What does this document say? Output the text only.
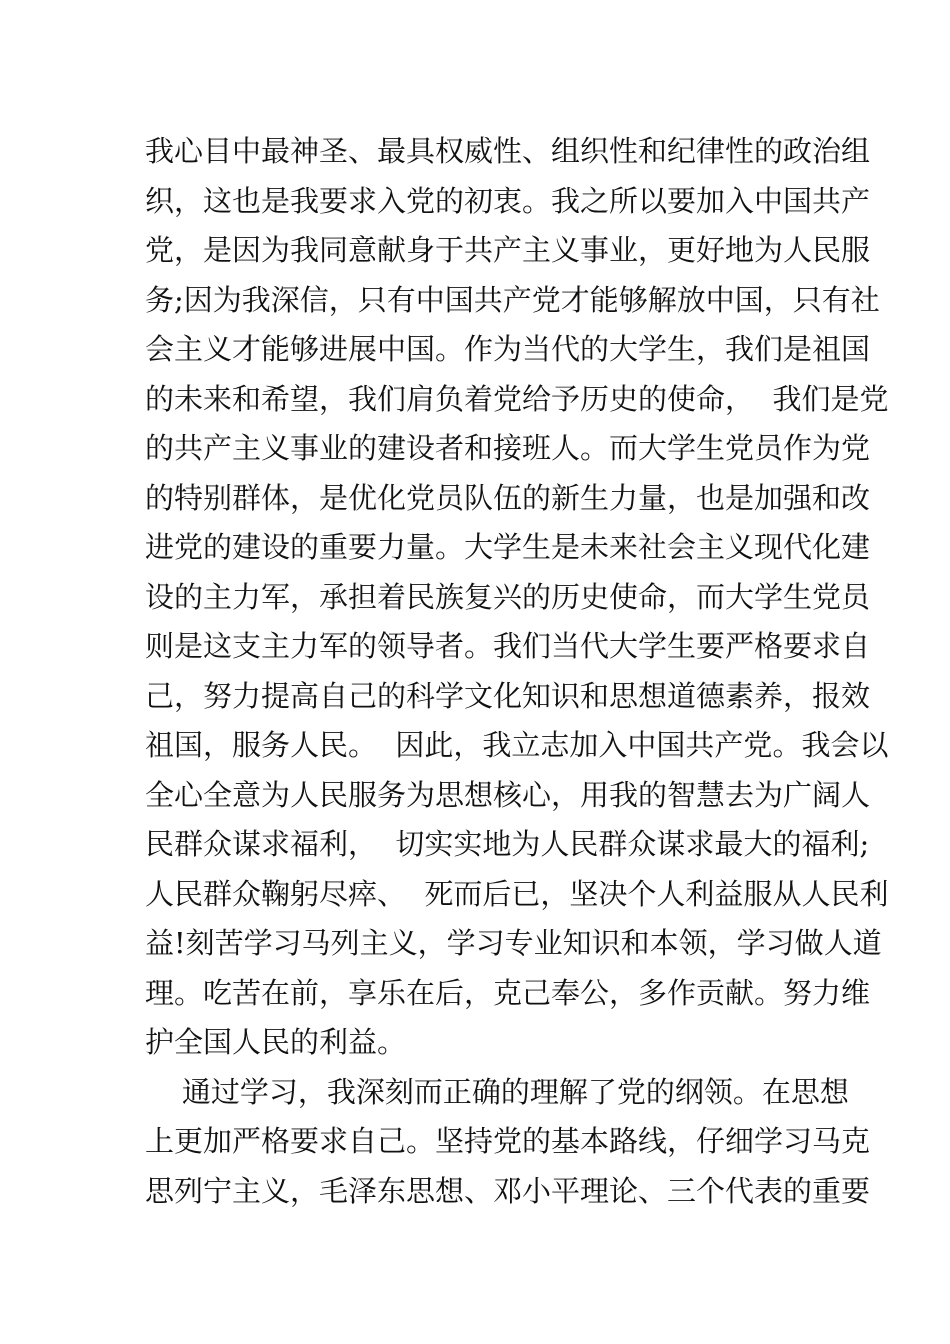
我心目中最神圣、最具权威性、组织性和纪律性的政治组
织，这也是我要求入党的初衷。我之所以要加入中国共产
党，是因为我同意献身于共产主义事业，更好地为人民服
务;因为我深信，只有中国共产党才能够解放中国，只有社
会主义才能够进展中国。作为当代的大学生，我们是祖国
的未来和希望，我们肩负着党给予历史的使命，  我们是党
的共产主义事业的建设者和接班人。而大学生党员作为党
的特别群体，是优化党员队伍的新生力量，也是加强和改
进党的建设的重要力量。大学生是未来社会主义现代化建
设的主力军，承担着民族复兴的历史使命，而大学生党员
则是这支主力军的领导者。我们当代大学生要严格要求自
己，努力提高自己的科学文化知识和思想道德素养，报效
祖国，服务人民。  因此，我立志加入中国共产党。我会以
全心全意为人民服务为思想核心，用我的智慧去为广阔人
民群众谋求福利，  切实实地为人民群众谋求最大的福利;
人民群众鞠躬尽瘁、  死而后已，坚决个人利益服从人民利
益!刻苦学习马列主义，学习专业知识和本领，学习做人道
理。吃苦在前，享乐在后，克己奉公，多作贡献。努力维
护全国人民的利益。
通过学习，我深刻而正确的理解了党的纲领。在思想
上更加严格要求自己。坚持党的基本路线，仔细学习马克
思列宁主义，毛泽东思想、邓小平理论、三个代表的重要
